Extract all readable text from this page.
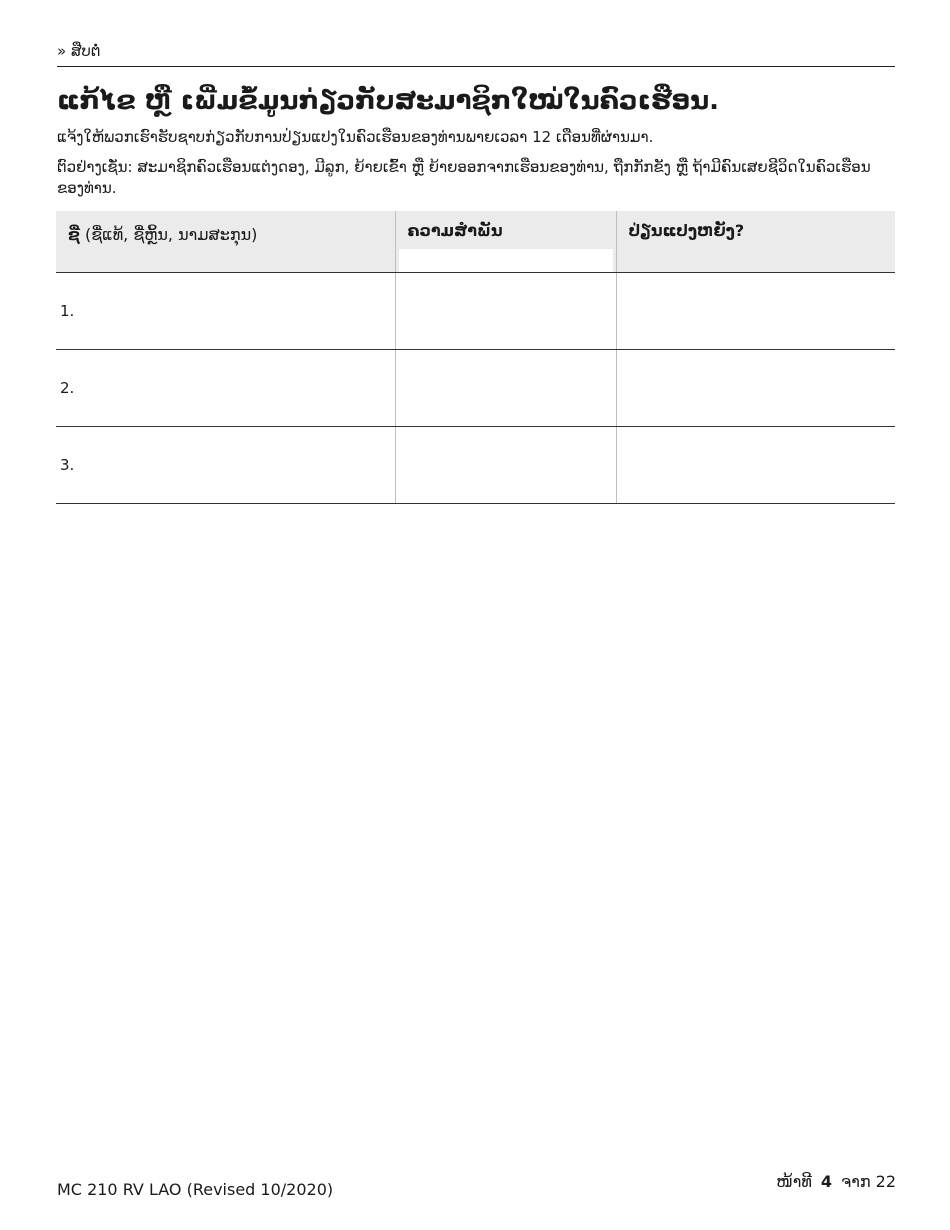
» ສືບຕໍ່
ແກ້ໄຂ ຫຼື ເພີ່ມຂໍ້ມູນກ່ຽວກັບສະມາຊິກໃໝ່ໃນຄົວເຮືອນ.
ແຈ້ງໃຫ້ພວກເຮົາຮັບຊາບກ່ຽວກັບການປ່ຽນແປງໃນຄົວເຮືອນຂອງທ່ານພາຍເວລາ 12 ເດືອນທີ່ຜ່ານມາ.
ຕົວຢ່າງເຊັ່ນ: ສະມາຊິກຄົວເຮືອນແຕ່ງດອງ, ມີລູກ, ຍ້າຍເຂົ້າ ຫຼື ຍ້າຍອອກຈາກເຮືອນຂອງທ່ານ, ຖືກກັກຂັງ ຫຼື ຖ້າມີຄົນເສຍຊີວິດໃນຄົວເຮືອນຂອງທ່ານ.
ຊື່ (ຊື່ແທ້, ຊື່ຫຼິ້ນ, ນາມສະກຸນ)	ຄວາມສຳພັນ	ປ່ຽນແປງຫຍັງ?
1.		
2.		
3.		
MC 210 RV LAO (Revised 10/2020)	ໜ້າທີ 4 ຈາກ 22
